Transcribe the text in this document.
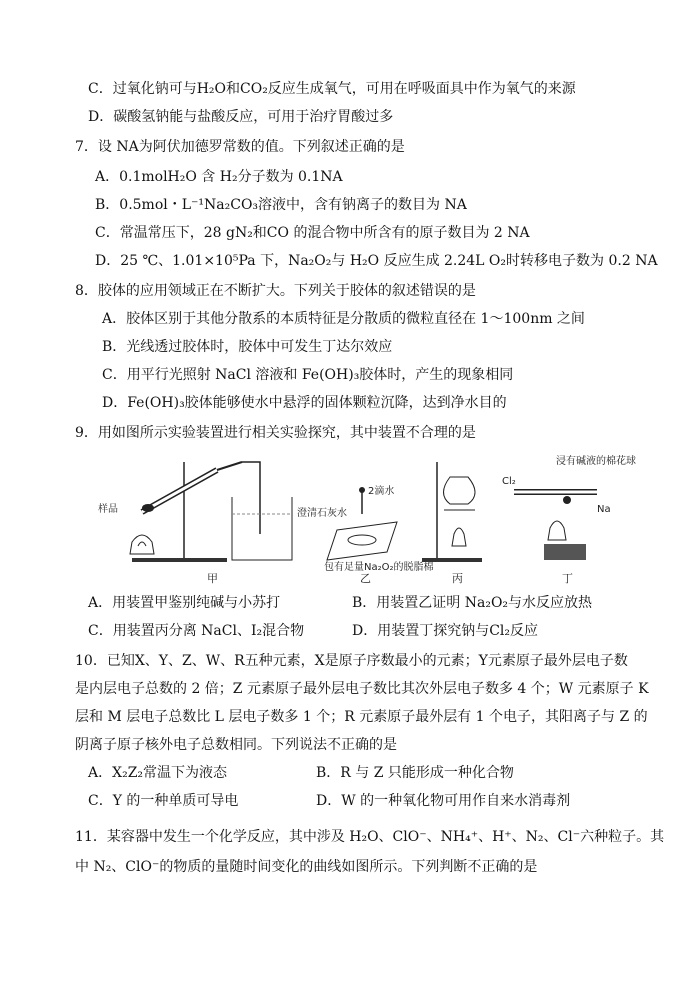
C．过氧化钠可与H₂O和CO₂反应生成氧气，可用在呼吸面具中作为氧气的来源
D．碳酸氢钠能与盐酸反应，可用于治疗胃酸过多
7．设 NA为阿伏加德罗常数的值。下列叙述正确的是
A．0.1molH₂O 含 H₂分子数为 0.1NA
B．0.5mol・L⁻¹Na₂CO₃溶液中，含有钠离子的数目为 NA
C．常温常压下，28 gN₂和CO 的混合物中所含有的原子数目为 2 NA
D．25 ℃、1.01×10⁵Pa 下，Na₂O₂与 H₂O 反应生成 2.24L O₂时转移电子数为 0.2 NA
8．胶体的应用领域正在不断扩大。下列关于胶体的叙述错误的是
A．胶体区别于其他分散系的本质特征是分散质的微粒直径在 1～100nm 之间
B．光线透过胶体时，胶体中可发生丁达尔效应
C．用平行光照射 NaCl 溶液和 Fe(OH)₃胶体时，产生的现象相同
D．Fe(OH)₃胶体能够使水中悬浮的固体颗粒沉降，达到净水目的
9．用如图所示实验装置进行相关实验探究，其中装置不合理的是
样品	澄清石灰水
甲
2滴水
包有足量Na₂O₂的脱脂棉
乙	丙
Cl₂
浸有碱液的棉花球
Na
丁
A．用装置甲鉴别纯碱与小苏打	B．用装置乙证明 Na₂O₂与水反应放热
C．用装置丙分离 NaCl、I₂混合物	D．用装置丁探究钠与Cl₂反应
10．已知X、Y、Z、W、R五种元素，X是原子序数最小的元素；Y元素原子最外层电子数
是内层电子总数的 2 倍；Z 元素原子最外层电子数比其次外层电子数多 4 个；W 元素原子 K
层和 M 层电子总数比 L 层电子数多 1 个；R 元素原子最外层有 1 个电子，其阳离子与 Z 的
阴离子原子核外电子总数相同。下列说法不正确的是
A．X₂Z₂常温下为液态	B．R 与 Z 只能形成一种化合物
C．Y 的一种单质可导电	D．W 的一种氧化物可用作自来水消毒剂
11．某容器中发生一个化学反应，其中涉及 H₂O、ClO⁻、NH₄⁺、H⁺、N₂、Cl⁻六种粒子。其
中 N₂、ClO⁻的物质的量随时间变化的曲线如图所示。下列判断不正确的是
